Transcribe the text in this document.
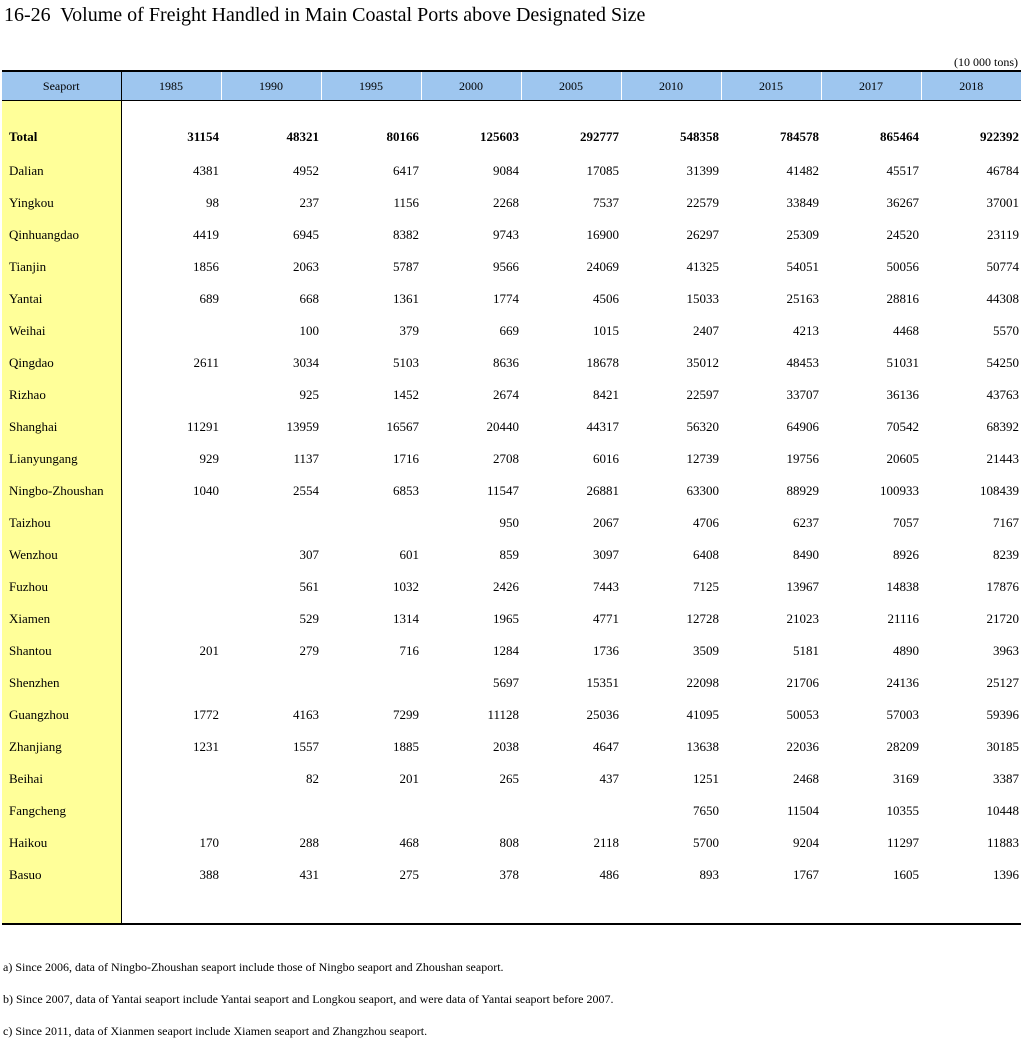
16-26  Volume of Freight Handled in Main Coastal Ports above Designated Size
(10 000 tons)
Seaport	1985	1990	1995	2000	2005	2010	2015	2017	2018

Total	31154	48321	80166	125603	292777	548358	784578	865464	922392
Dalian	4381	4952	6417	9084	17085	31399	41482	45517	46784
Yingkou	98	237	1156	2268	7537	22579	33849	36267	37001
Qinhuangdao	4419	6945	8382	9743	16900	26297	25309	24520	23119
Tianjin	1856	2063	5787	9566	24069	41325	54051	50056	50774
Yantai	689	668	1361	1774	4506	15033	25163	28816	44308
Weihai		100	379	669	1015	2407	4213	4468	5570
Qingdao	2611	3034	5103	8636	18678	35012	48453	51031	54250
Rizhao		925	1452	2674	8421	22597	33707	36136	43763
Shanghai	11291	13959	16567	20440	44317	56320	64906	70542	68392
Lianyungang	929	1137	1716	2708	6016	12739	19756	20605	21443
Ningbo-Zhoushan	1040	2554	6853	11547	26881	63300	88929	100933	108439
Taizhou				950	2067	4706	6237	7057	7167
Wenzhou		307	601	859	3097	6408	8490	8926	8239
Fuzhou		561	1032	2426	7443	7125	13967	14838	17876
Xiamen		529	1314	1965	4771	12728	21023	21116	21720
Shantou	201	279	716	1284	1736	3509	5181	4890	3963
Shenzhen				5697	15351	22098	21706	24136	25127
Guangzhou	1772	4163	7299	11128	25036	41095	50053	57003	59396
Zhanjiang	1231	1557	1885	2038	4647	13638	22036	28209	30185
Beihai		82	201	265	437	1251	2468	3169	3387
Fangcheng						7650	11504	10355	10448
Haikou	170	288	468	808	2118	5700	9204	11297	11883
Basuo	388	431	275	378	486	893	1767	1605	1396

a) Since 2006, data of Ningbo-Zhoushan seaport include those of Ningbo seaport and Zhoushan seaport.
b) Since 2007, data of Yantai seaport include Yantai seaport and Longkou seaport, and were data of Yantai seaport before 2007.
c) Since 2011, data of Xianmen seaport include Xiamen seaport and Zhangzhou seaport.
